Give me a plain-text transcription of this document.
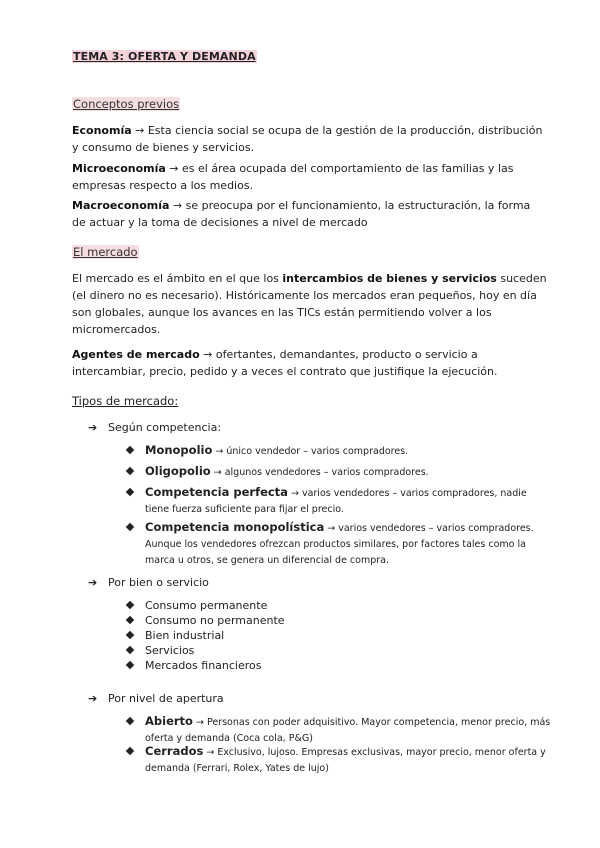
TEMA 3: OFERTA Y DEMANDA
Conceptos previos

Economía → Esta ciencia social se ocupa de la gestión de la producción, distribución y consumo de bienes y servicios.

Microeconomía → es el área ocupada del comportamiento de las familias y las empresas respecto a los medios.

Macroeconomía → se preocupa por el funcionamiento, la estructuración, la forma de actuar y la toma de decisiones a nivel de mercado

El mercado

El mercado es el ámbito en el que los intercambios de bienes y servicios suceden (el dinero no es necesario). Históricamente los mercados eran pequeños, hoy en día son globales, aunque los avances en las TICs están permitiendo volver a los micromercados.

Agentes de mercado → ofertantes, demandantes, producto o servicio a intercambiar, precio, pedido y a veces el contrato que justifique la ejecución.

Tipos de mercado:
➔ Según competencia:
Monopolio → único vendedor – varios compradores.
Oligopolio → algunos vendedores – varios compradores.
Competencia perfecta → varios vendedores – varios compradores, nadie tiene fuerza suficiente para fijar el precio.
Competencia monopolística → varios vendedores – varios compradores. Aunque los vendedores ofrezcan productos similares, por factores tales como la marca u otros, se genera un diferencial de compra.
➔ Por bien o servicio
Consumo permanente
Consumo no permanente
Bien industrial
Servicios
Mercados financieros
➔ Por nivel de apertura
Abierto → Personas con poder adquisitivo. Mayor competencia, menor precio, más oferta y demanda (Coca cola, P&G)
Cerrados → Exclusivo, lujoso. Empresas exclusivas, mayor precio, menor oferta y demanda (Ferrari, Rolex, Yates de lujo)
